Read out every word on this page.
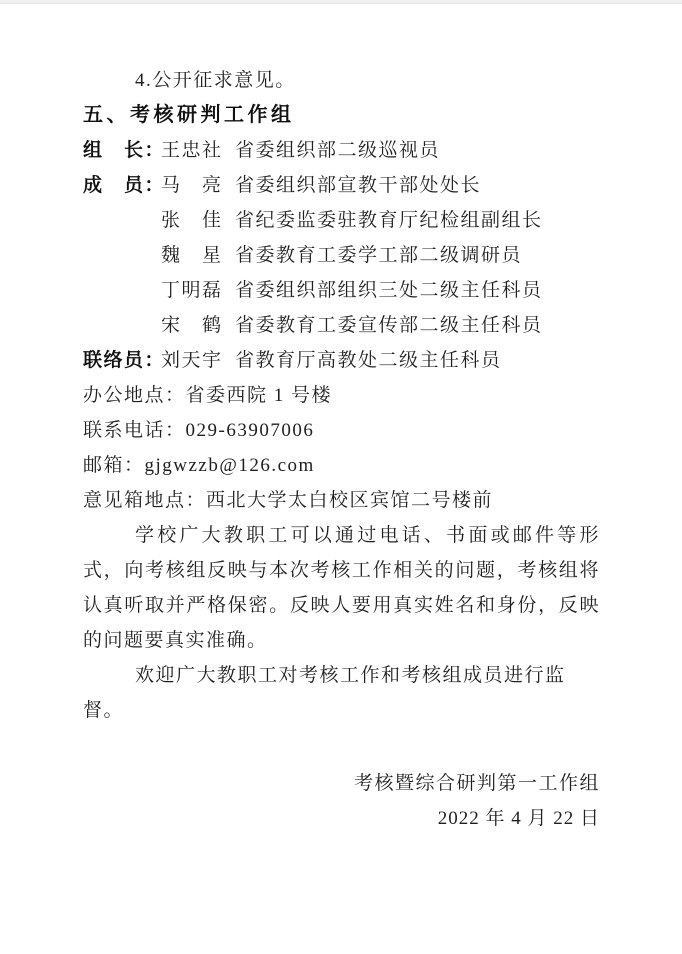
4.公开征求意见。

五、考核研判工作组
组　长：
王忠社 省委组织部二级巡视员
成　员：
马　亮 省委组织部宣教干部处处长
张　佳 省纪委监委驻教育厅纪检组副组长
魏　星 省委教育工委学工部二级调研员
丁明磊 省委组织部组织三处二级主任科员
宋　鹤 省委教育工委宣传部二级主任科员
联络员：
刘天宇 省教育厅高教处二级主任科员

办公地点：省委西院 1 号楼

联系电话：029-63907006

邮箱：gjgwzzb@126.com

意见箱地点：西北大学太白校区宾馆二号楼前

学校广大教职工可以通过电话、书面或邮件等形式，向考核组反映与本次考核工作相关的问题，考核组将认真听取并严格保密。反映人要用真实姓名和身份，反映的问题要真实准确。

欢迎广大教职工对考核工作和考核组成员进行监督。

考核暨综合研判第一工作组

2022 年 4 月 22 日
